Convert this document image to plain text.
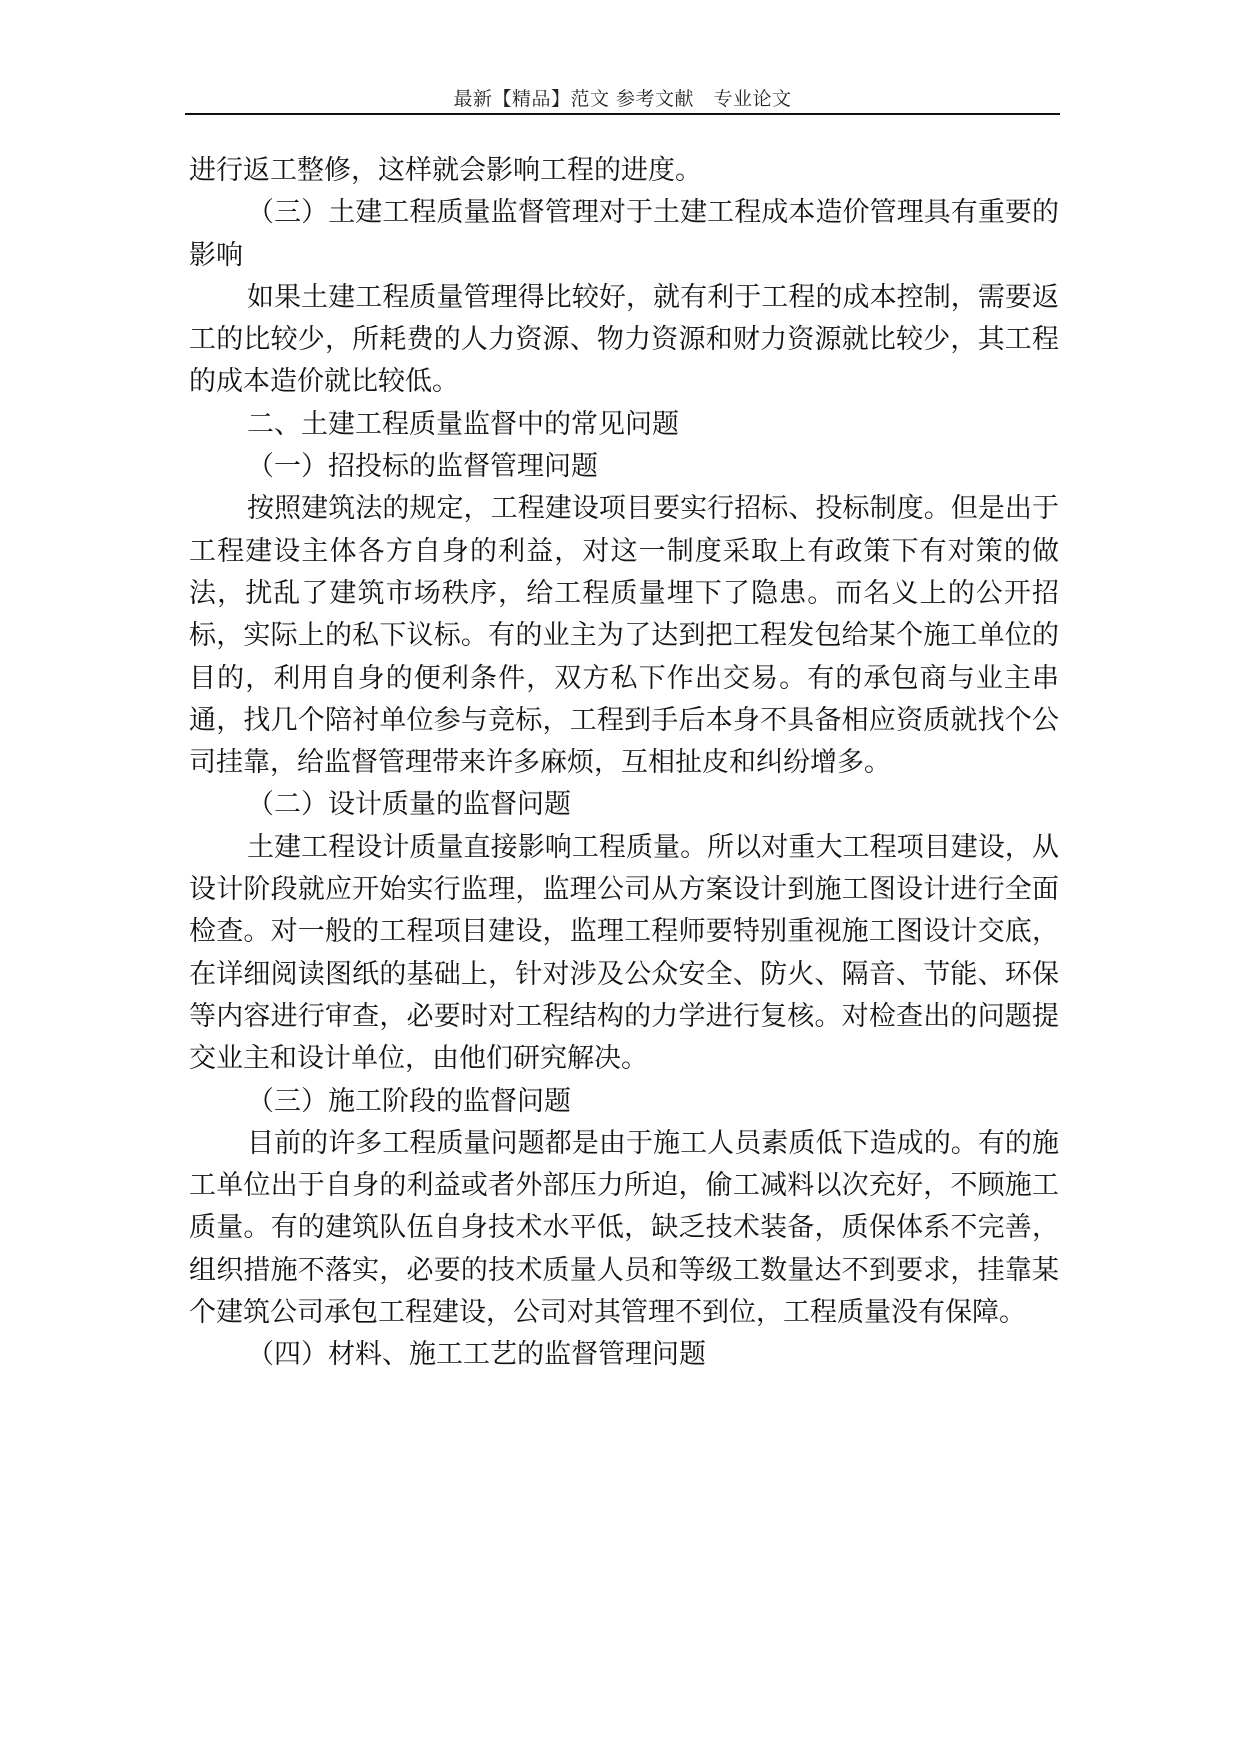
最新【精品】范文 参考文献　专业论文

进行返工整修，这样就会影响工程的进度。

（三）土建工程质量监督管理对于土建工程成本造价管理具有重要的影响

如果土建工程质量管理得比较好，就有利于工程的成本控制，需要返工的比较少，所耗费的人力资源、物力资源和财力资源就比较少，其工程的成本造价就比较低。

二、土建工程质量监督中的常见问题

（一）招投标的监督管理问题

按照建筑法的规定，工程建设项目要实行招标、投标制度。但是出于工程建设主体各方自身的利益，对这一制度采取上有政策下有对策的做法，扰乱了建筑市场秩序，给工程质量埋下了隐患。而名义上的公开招标，实际上的私下议标。有的业主为了达到把工程发包给某个施工单位的目的，利用自身的便利条件，双方私下作出交易。有的承包商与业主串通，找几个陪衬单位参与竞标，工程到手后本身不具备相应资质就找个公司挂靠，给监督管理带来许多麻烦，互相扯皮和纠纷增多。

（二）设计质量的监督问题

土建工程设计质量直接影响工程质量。所以对重大工程项目建设，从设计阶段就应开始实行监理，监理公司从方案设计到施工图设计进行全面检查。对一般的工程项目建设，监理工程师要特别重视施工图设计交底，在详细阅读图纸的基础上，针对涉及公众安全、防火、隔音、节能、环保等内容进行审查，必要时对工程结构的力学进行复核。对检查出的问题提交业主和设计单位，由他们研究解决。

（三）施工阶段的监督问题

目前的许多工程质量问题都是由于施工人员素质低下造成的。有的施工单位出于自身的利益或者外部压力所迫，偷工减料以次充好，不顾施工质量。有的建筑队伍自身技术水平低，缺乏技术装备，质保体系不完善，组织措施不落实，必要的技术质量人员和等级工数量达不到要求，挂靠某个建筑公司承包工程建设，公司对其管理不到位，工程质量没有保障。

（四）材料、施工工艺的监督管理问题
